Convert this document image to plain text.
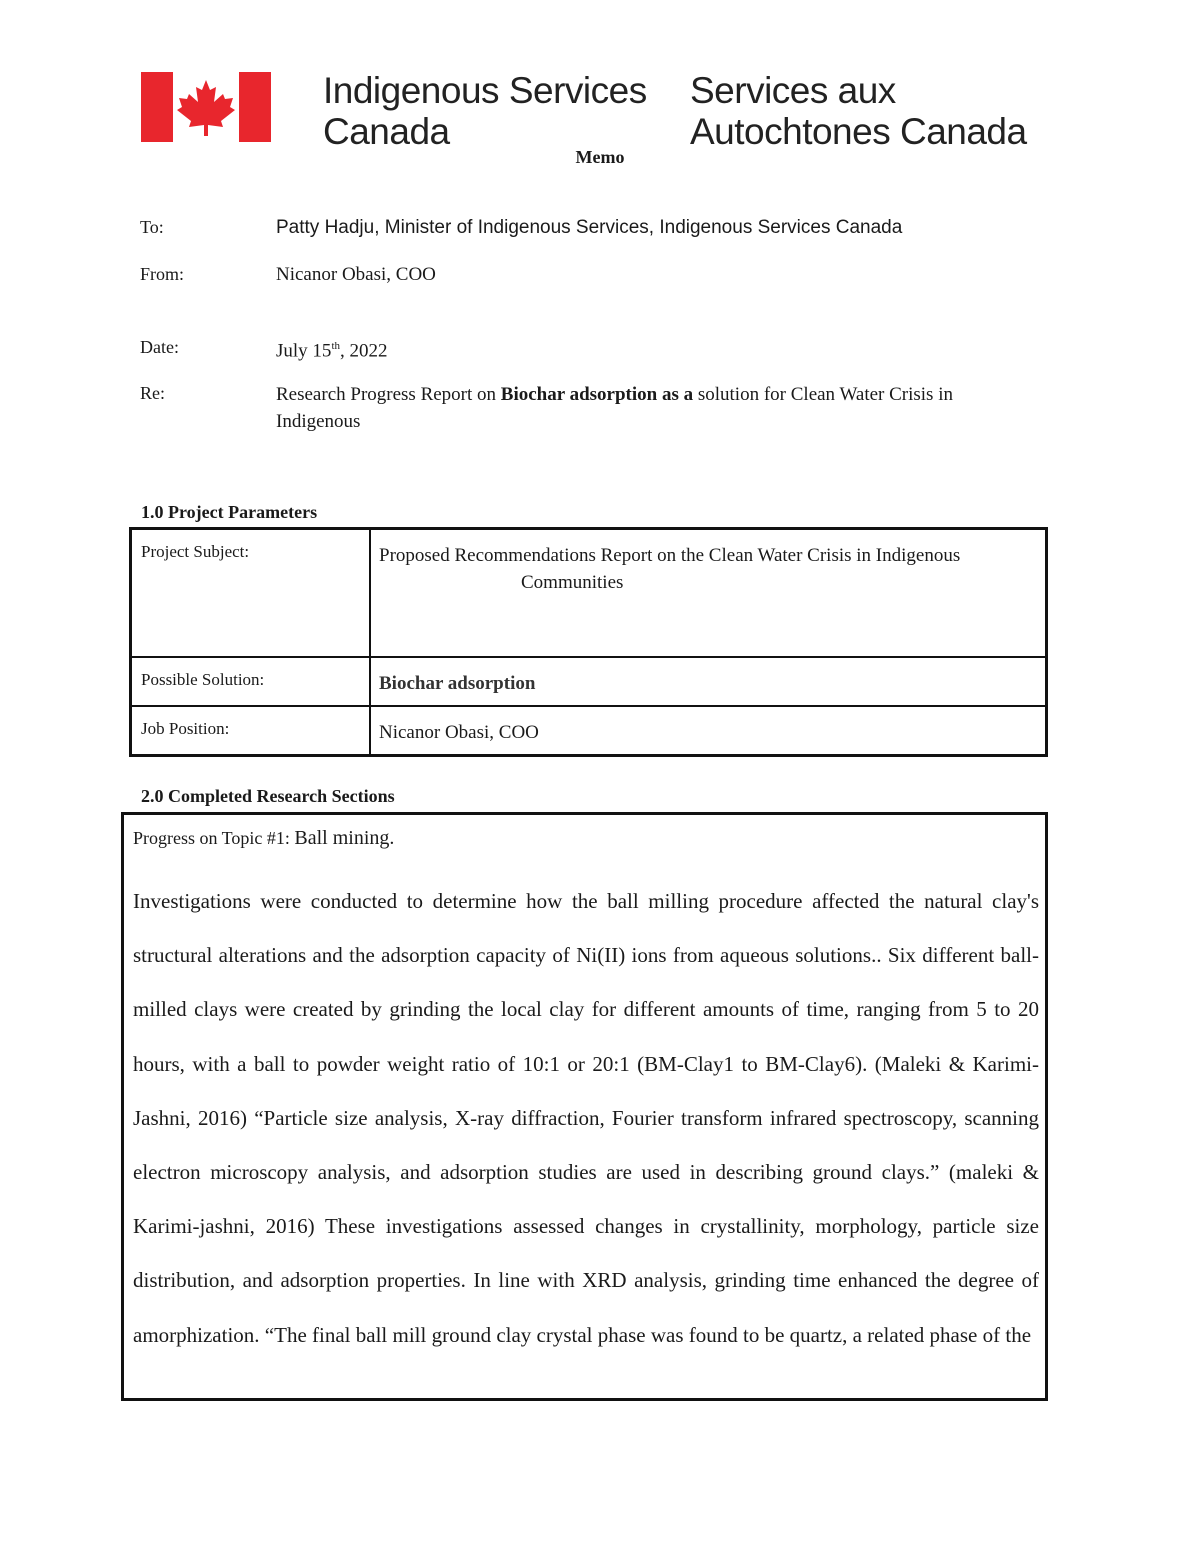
Indigenous Services
Canada
Services aux
Autochtones Canada
Memo
To:	Patty Hadju, Minister of Indigenous Services, Indigenous Services Canada
From:	Nicanor Obasi, COO
Date:	July 15th, 2022
Re:	Research Progress Report on Biochar adsorption as a solution for Clean Water Crisis in Indigenous
1.0 Project Parameters
Project Subject:	Proposed Recommendations Report on the Clean Water Crisis in Indigenous
Communities

Possible Solution:	Biochar adsorption
Job Position:	Nicanor Obasi, COO
2.0 Completed Research Sections
Progress on Topic #1: Ball mining.
Investigations were conducted to determine how the ball milling procedure affected the natural clay's structural alterations and the adsorption capacity of Ni(II) ions from aqueous solutions.. Six different ball-milled clays were created by grinding the local clay for different amounts of time, ranging from 5 to 20 hours, with a ball to powder weight ratio of 10:1 or 20:1 (BM-Clay1 to BM-Clay6). (Maleki & Karimi-Jashni, 2016) “Particle size analysis, X-ray diffraction, Fourier transform infrared spectroscopy, scanning electron microscopy analysis, and adsorption studies are used in describing ground clays.” (maleki & Karimi-jashni, 2016) These investigations assessed changes in crystallinity, morphology, particle size distribution, and adsorption properties. In line with XRD analysis, grinding time enhanced the degree of amorphization. “The final ball mill ground clay crystal phase was found to be quartz, a related phase of the
